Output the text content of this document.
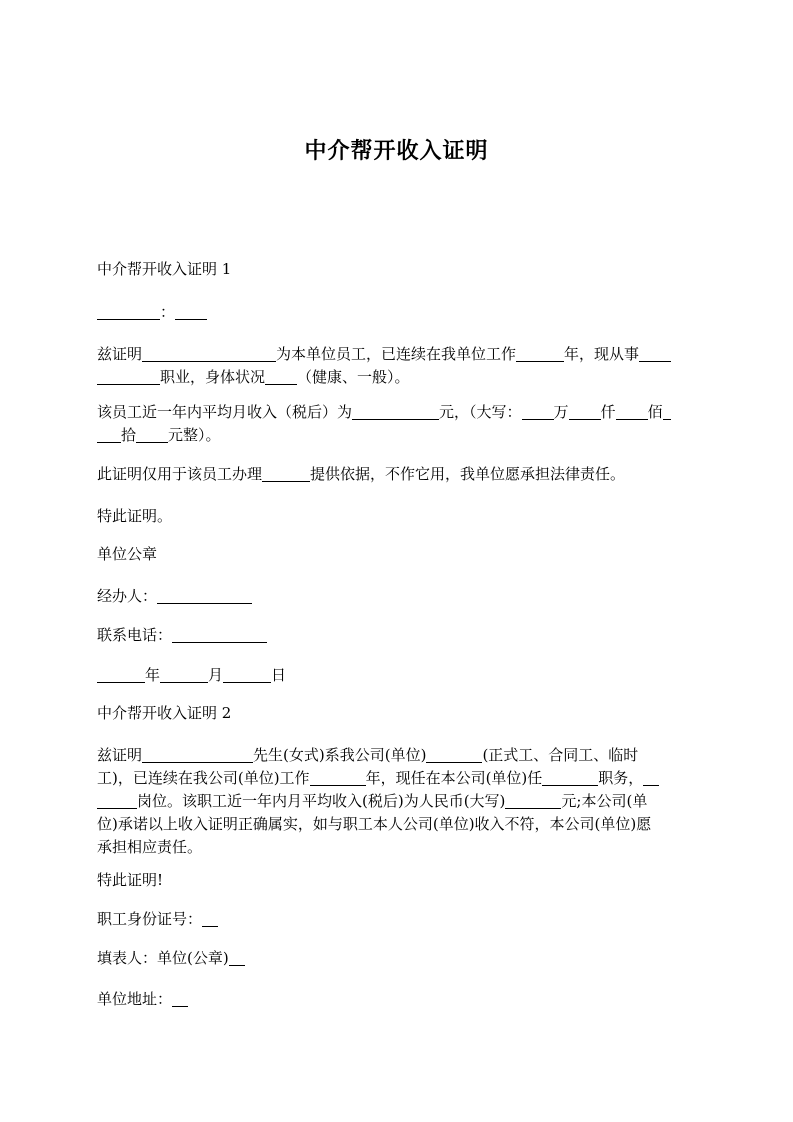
中介帮开收入证明
中介帮开收入证明 1
：
兹证明	为本单位员工，已连续在我单位工作	年，现从事
职业，身体状况 （健康、一般）。
该员工近一年内平均月收入（税后）为	元，（大写： 万 仟 佰
拾 元整）。
此证明仅用于该员工办理	提供依据，不作它用，我单位愿承担法律责任。
特此证明。
单位公章
经办人：
联系电话：
年	月	日
中介帮开收入证明 2
兹证明	先生(女式)系我公司(单位)	(正式工、合同工、临时
工)，已连续在我公司(单位)工作	年，现任在本公司(单位)任	职务，
岗位。该职工近一年内月平均收入(税后)为人民币(大写)	元;本公司(单
位)承诺以上收入证明正确属实，如与职工本人公司(单位)收入不符，本公司(单位)愿
承担相应责任。
特此证明!
职工身份证号：
填表人：单位(公章)
单位地址：
